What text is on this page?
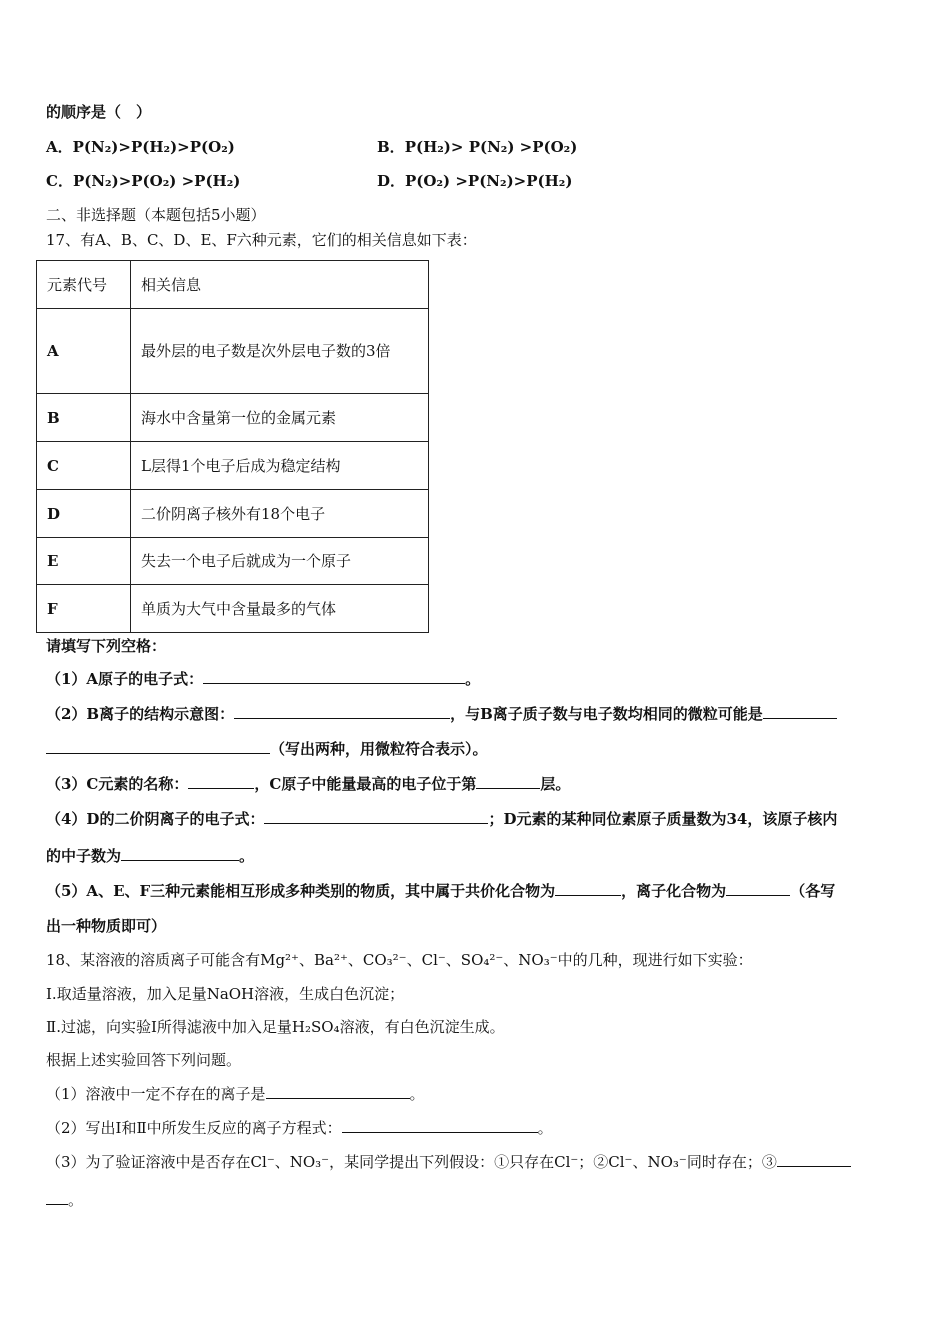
的顺序是（　）
A．P(N₂)>P(H₂)>P(O₂)	B．P(H₂)> P(N₂) >P(O₂)
C．P(N₂)>P(O₂) >P(H₂)	D．P(O₂) >P(N₂)>P(H₂)
二、非选择题（本题包括5小题）
17、有A、B、C、D、E、F六种元素，它们的相关信息如下表：
元素代号	相关信息
A	最外层的电子数是次外层电子数的3倍
B	海水中含量第一位的金属元素
C	L层得1个电子后成为稳定结构
D	二价阴离子核外有18个电子
E	失去一个电子后就成为一个原子
F	单质为大气中含量最多的气体
请填写下列空格：
（1）A原子的电子式：	。
（2）B离子的结构示意图：	，与B离子质子数与电子数均相同的微粒可能是
（写出两种，用微粒符合表示）。
（3）C元素的名称：	，C原子中能量最高的电子位于第	层。
（4）D的二价阴离子的电子式：	；D元素的某种同位素原子质量数为34，该原子核内
的中子数为	。
（5）A、E、F三种元素能相互形成多种类别的物质，其中属于共价化合物为	，离子化合物为	（各写
出一种物质即可）
18、某溶液的溶质离子可能含有Mg²⁺、Ba²⁺、CO₃²⁻、Cl⁻、SO₄²⁻、NO₃⁻中的几种，现进行如下实验：
Ⅰ.取适量溶液，加入足量NaOH溶液，生成白色沉淀；
Ⅱ.过滤，向实验Ⅰ所得滤液中加入足量H₂SO₄溶液，有白色沉淀生成。
根据上述实验回答下列问题。
（1）溶液中一定不存在的离子是	。
（2）写出Ⅰ和Ⅱ中所发生反应的离子方程式：	。
（3）为了验证溶液中是否存在Cl⁻、NO₃⁻，某同学提出下列假设：①只存在Cl⁻；②Cl⁻、NO₃⁻同时存在；③
。
